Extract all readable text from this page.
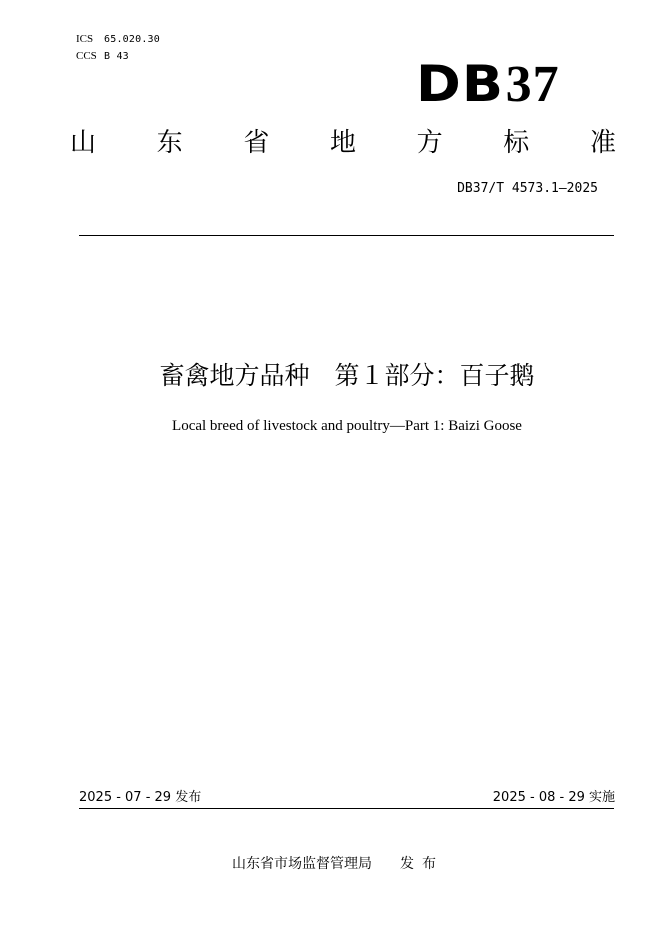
ICS 65.020.30
CCS B 43	DB37
山 东 省 地 方 标 准
DB37/T 4573.1—2025
畜禽地方品种　第１部分：百子鹅
Local breed of livestock and poultry—Part 1: Baizi Goose
2025 - 07 - 29 发布	2025 - 08 - 29 实施
山东省市场监督管理局 发布
